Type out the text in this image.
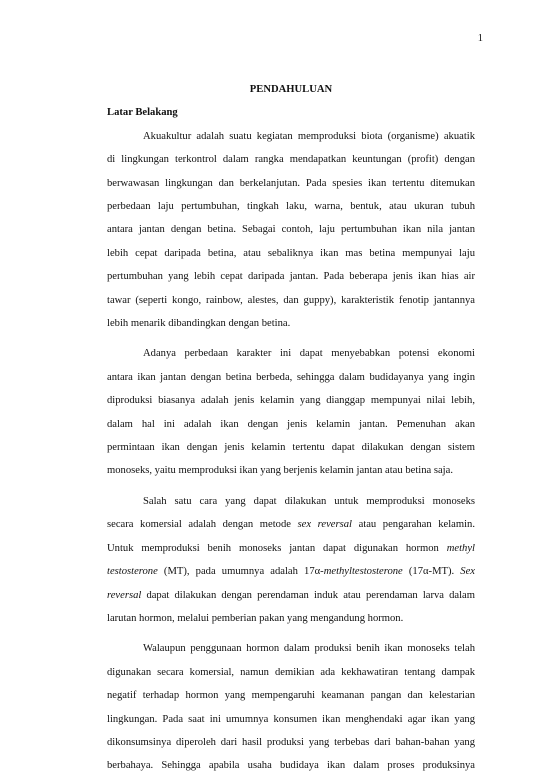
1
PENDAHULUAN
Latar Belakang
Akuakultur adalah suatu kegiatan memproduksi biota (organisme) akuatik
di lingkungan terkontrol dalam rangka mendapatkan keuntungan (profit) dengan
berwawasan lingkungan dan berkelanjutan. Pada spesies ikan tertentu ditemukan
perbedaan laju pertumbuhan, tingkah laku, warna, bentuk, atau ukuran tubuh
antara jantan dengan betina. Sebagai contoh, laju pertumbuhan ikan nila jantan
lebih cepat daripada betina, atau sebaliknya ikan mas betina mempunyai laju
pertumbuhan yang lebih cepat daripada jantan. Pada beberapa jenis ikan hias air
tawar (seperti kongo, rainbow, alestes, dan guppy), karakteristik fenotip jantannya
lebih menarik dibandingkan dengan betina.
Adanya perbedaan karakter ini dapat menyebabkan potensi ekonomi
antara ikan jantan dengan betina berbeda, sehingga dalam budidayanya yang ingin
diproduksi biasanya adalah jenis kelamin yang dianggap mempunyai nilai lebih,
dalam hal ini adalah ikan dengan jenis kelamin jantan. Pemenuhan akan
permintaan ikan dengan jenis kelamin tertentu dapat dilakukan dengan sistem
monoseks, yaitu memproduksi ikan yang berjenis kelamin jantan atau betina saja.
Salah satu cara yang dapat dilakukan untuk memproduksi monoseks
secara komersial adalah dengan metode sex reversal atau pengarahan kelamin.
Untuk memproduksi benih monoseks jantan dapat digunakan hormon methyl
testosterone (MT), pada umumnya adalah 17α-methyltestosterone (17α-MT). Sex
reversal dapat dilakukan dengan perendaman induk atau perendaman larva dalam
larutan hormon, melalui pemberian pakan yang mengandung hormon.
Walaupun penggunaan hormon dalam produksi benih ikan monoseks telah
digunakan secara komersial, namun demikian ada kekhawatiran tentang dampak
negatif terhadap hormon yang mempengaruhi keamanan pangan dan kelestarian
lingkungan. Pada saat ini umumnya konsumen ikan menghendaki agar ikan yang
dikonsumsinya diperoleh dari hasil produksi yang terbebas dari bahan-bahan yang
berbahaya. Sehingga apabila usaha budidaya ikan dalam proses produksinya
